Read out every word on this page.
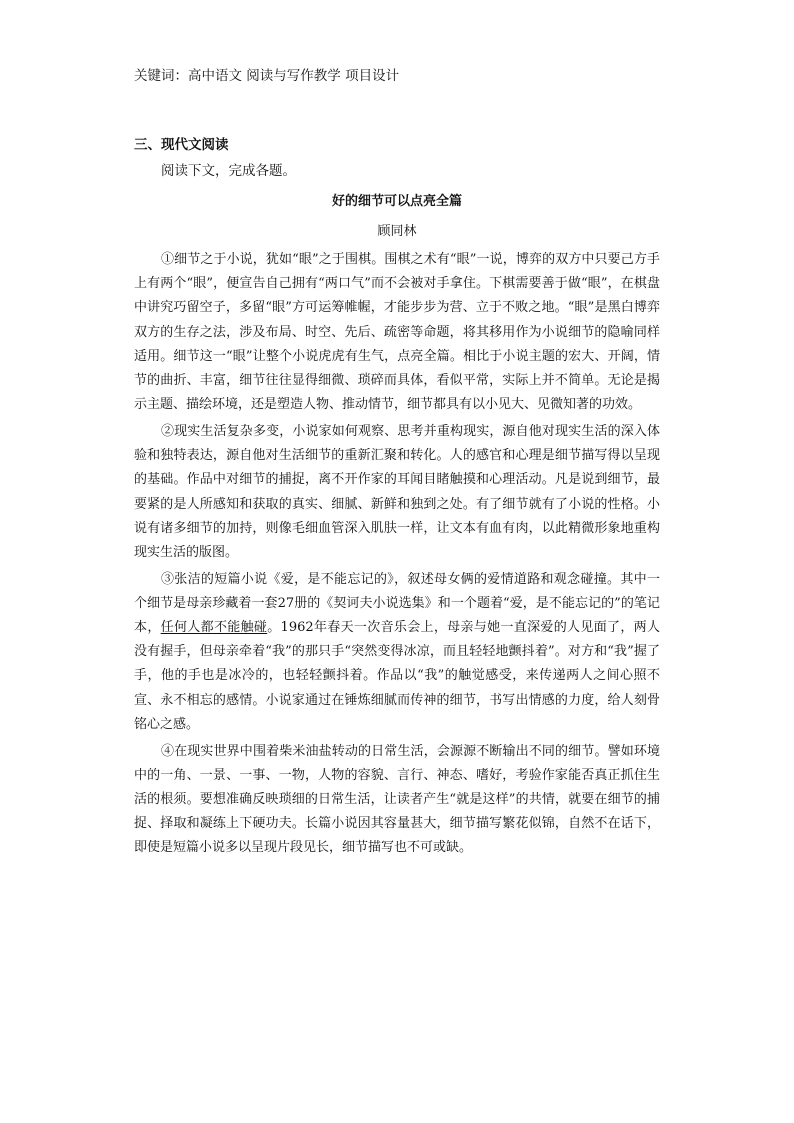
关键词：高中语文 阅读与写作教学 项目设计
三、现代文阅读
阅读下文，完成各题。
好的细节可以点亮全篇
顾同林

①细节之于小说，犹如“眼”之于围棋。围棋之术有“眼”一说，博弈的双方中只要己方手上有两个“眼”，便宣告自己拥有“两口气”而不会被对手拿住。下棋需要善于做“眼”，在棋盘中讲究巧留空子，多留“眼”方可运筹帷幄，才能步步为营、立于不败之地。“眼”是黑白博弈双方的生存之法，涉及布局、时空、先后、疏密等命题，将其移用作为小说细节的隐喻同样适用。细节这一“眼”让整个小说虎虎有生气，点亮全篇。相比于小说主题的宏大、开阔，情节的曲折、丰富，细节往往显得细微、琐碎而具体，看似平常，实际上并不简单。无论是揭示主题、描绘环境，还是塑造人物、推动情节，细节都具有以小见大、见微知著的功效。

②现实生活复杂多变，小说家如何观察、思考并重构现实，源自他对现实生活的深入体验和独特表达，源自他对生活细节的重新汇聚和转化。人的感官和心理是细节描写得以呈现的基础。作品中对细节的捕捉，离不开作家的耳闻目睹触摸和心理活动。凡是说到细节，最要紧的是人所感知和获取的真实、细腻、新鲜和独到之处。有了细节就有了小说的性格。小说有诸多细节的加持，则像毛细血管深入肌肤一样，让文本有血有肉，以此精微形象地重构现实生活的版图。

③张洁的短篇小说《爱，是不能忘记的》，叙述母女俩的爱情道路和观念碰撞。其中一个细节是母亲珍藏着一套27册的《契诃夫小说选集》和一个题着“爱，是不能忘记的”的笔记本，任何人都不能触碰。1962年春天一次音乐会上，母亲与她一直深爱的人见面了，两人没有握手，但母亲牵着“我”的那只手“突然变得冰凉，而且轻轻地颤抖着”。对方和“我”握了手，他的手也是冰冷的，也轻轻颤抖着。作品以“我”的触觉感受，来传递两人之间心照不宣、永不相忘的感情。小说家通过在锤炼细腻而传神的细节，书写出情感的力度，给人刻骨铭心之感。

④在现实世界中围着柴米油盐转动的日常生活，会源源不断输出不同的细节。譬如环境中的一角、一景、一事、一物，人物的容貌、言行、神态、嗜好，考验作家能否真正抓住生活的根须。要想准确反映琐细的日常生活，让读者产生“就是这样”的共情，就要在细节的捕捉、择取和凝练上下硬功夫。长篇小说因其容量甚大，细节描写繁花似锦，自然不在话下，即使是短篇小说多以呈现片段见长，细节描写也不可或缺。
